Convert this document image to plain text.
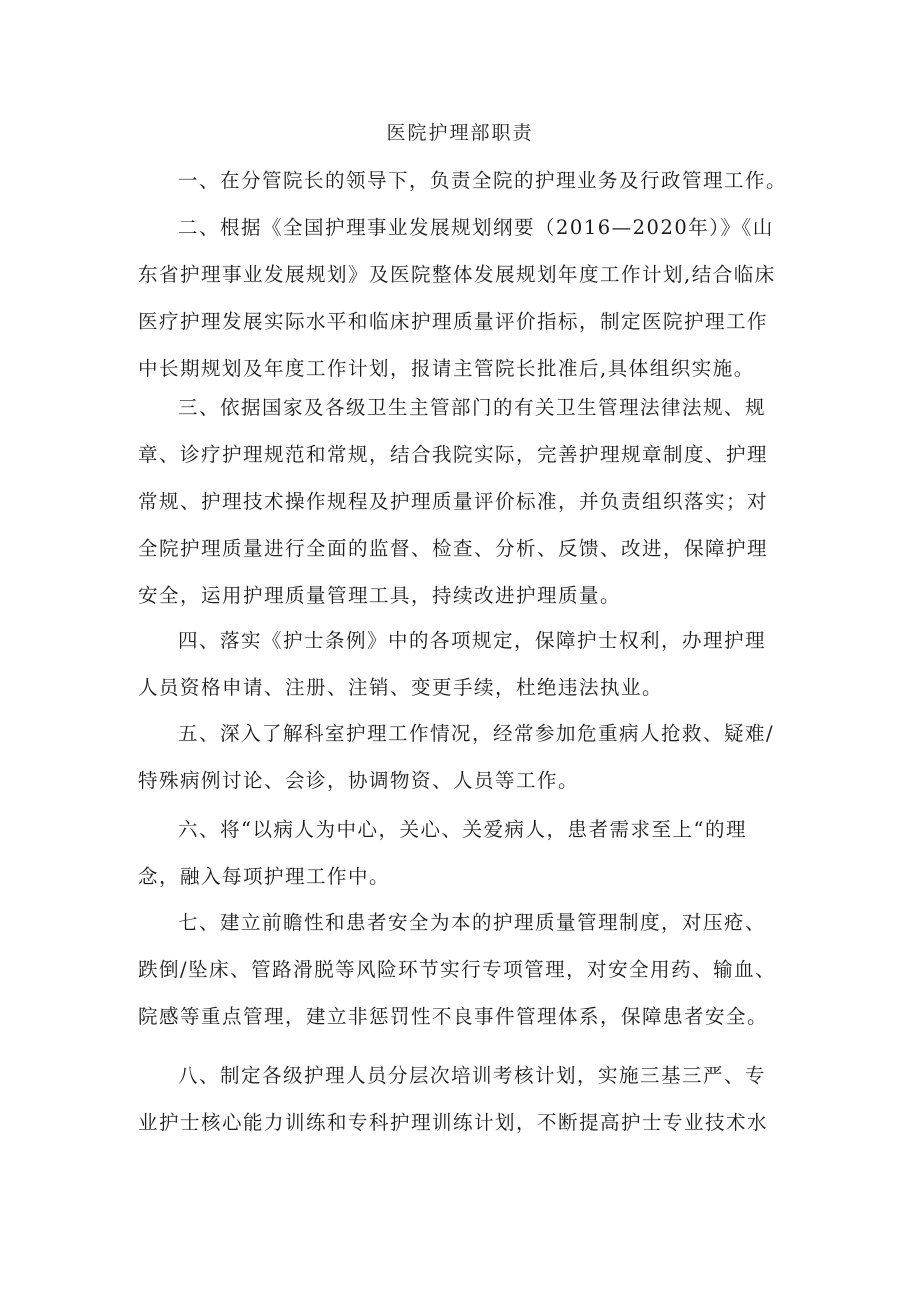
医院护理部职责
一、在分管院长的领导下，负责全院的护理业务及行政管理工作。
二、根据《全国护理事业发展规划纲要（2016—2020年）》《山
东省护理事业发展规划》及医院整体发展规划年度工作计划,结合临床
医疗护理发展实际水平和临床护理质量评价指标，制定医院护理工作
中长期规划及年度工作计划，报请主管院长批准后,具体组织实施。
三、依据国家及各级卫生主管部门的有关卫生管理法律法规、规
章、诊疗护理规范和常规，结合我院实际，完善护理规章制度、护理
常规、护理技术操作规程及护理质量评价标准，并负责组织落实；对
全院护理质量进行全面的监督、检查、分析、反馈、改进，保障护理
安全，运用护理质量管理工具，持续改进护理质量。
四、落实《护士条例》中的各项规定，保障护士权利，办理护理
人员资格申请、注册、注销、变更手续，杜绝违法执业。
五、深入了解科室护理工作情况，经常参加危重病人抢救、疑难/
特殊病例讨论、会诊，协调物资、人员等工作。
六、将“以病人为中心，关心、关爱病人，患者需求至上“的理
念，融入每项护理工作中。
七、建立前瞻性和患者安全为本的护理质量管理制度，对压疮、
跌倒/坠床、管路滑脱等风险环节实行专项管理，对安全用药、输血、
院感等重点管理，建立非惩罚性不良事件管理体系，保障患者安全。
八、制定各级护理人员分层次培训考核计划，实施三基三严、专
业护士核心能力训练和专科护理训练计划，不断提高护士专业技术水
